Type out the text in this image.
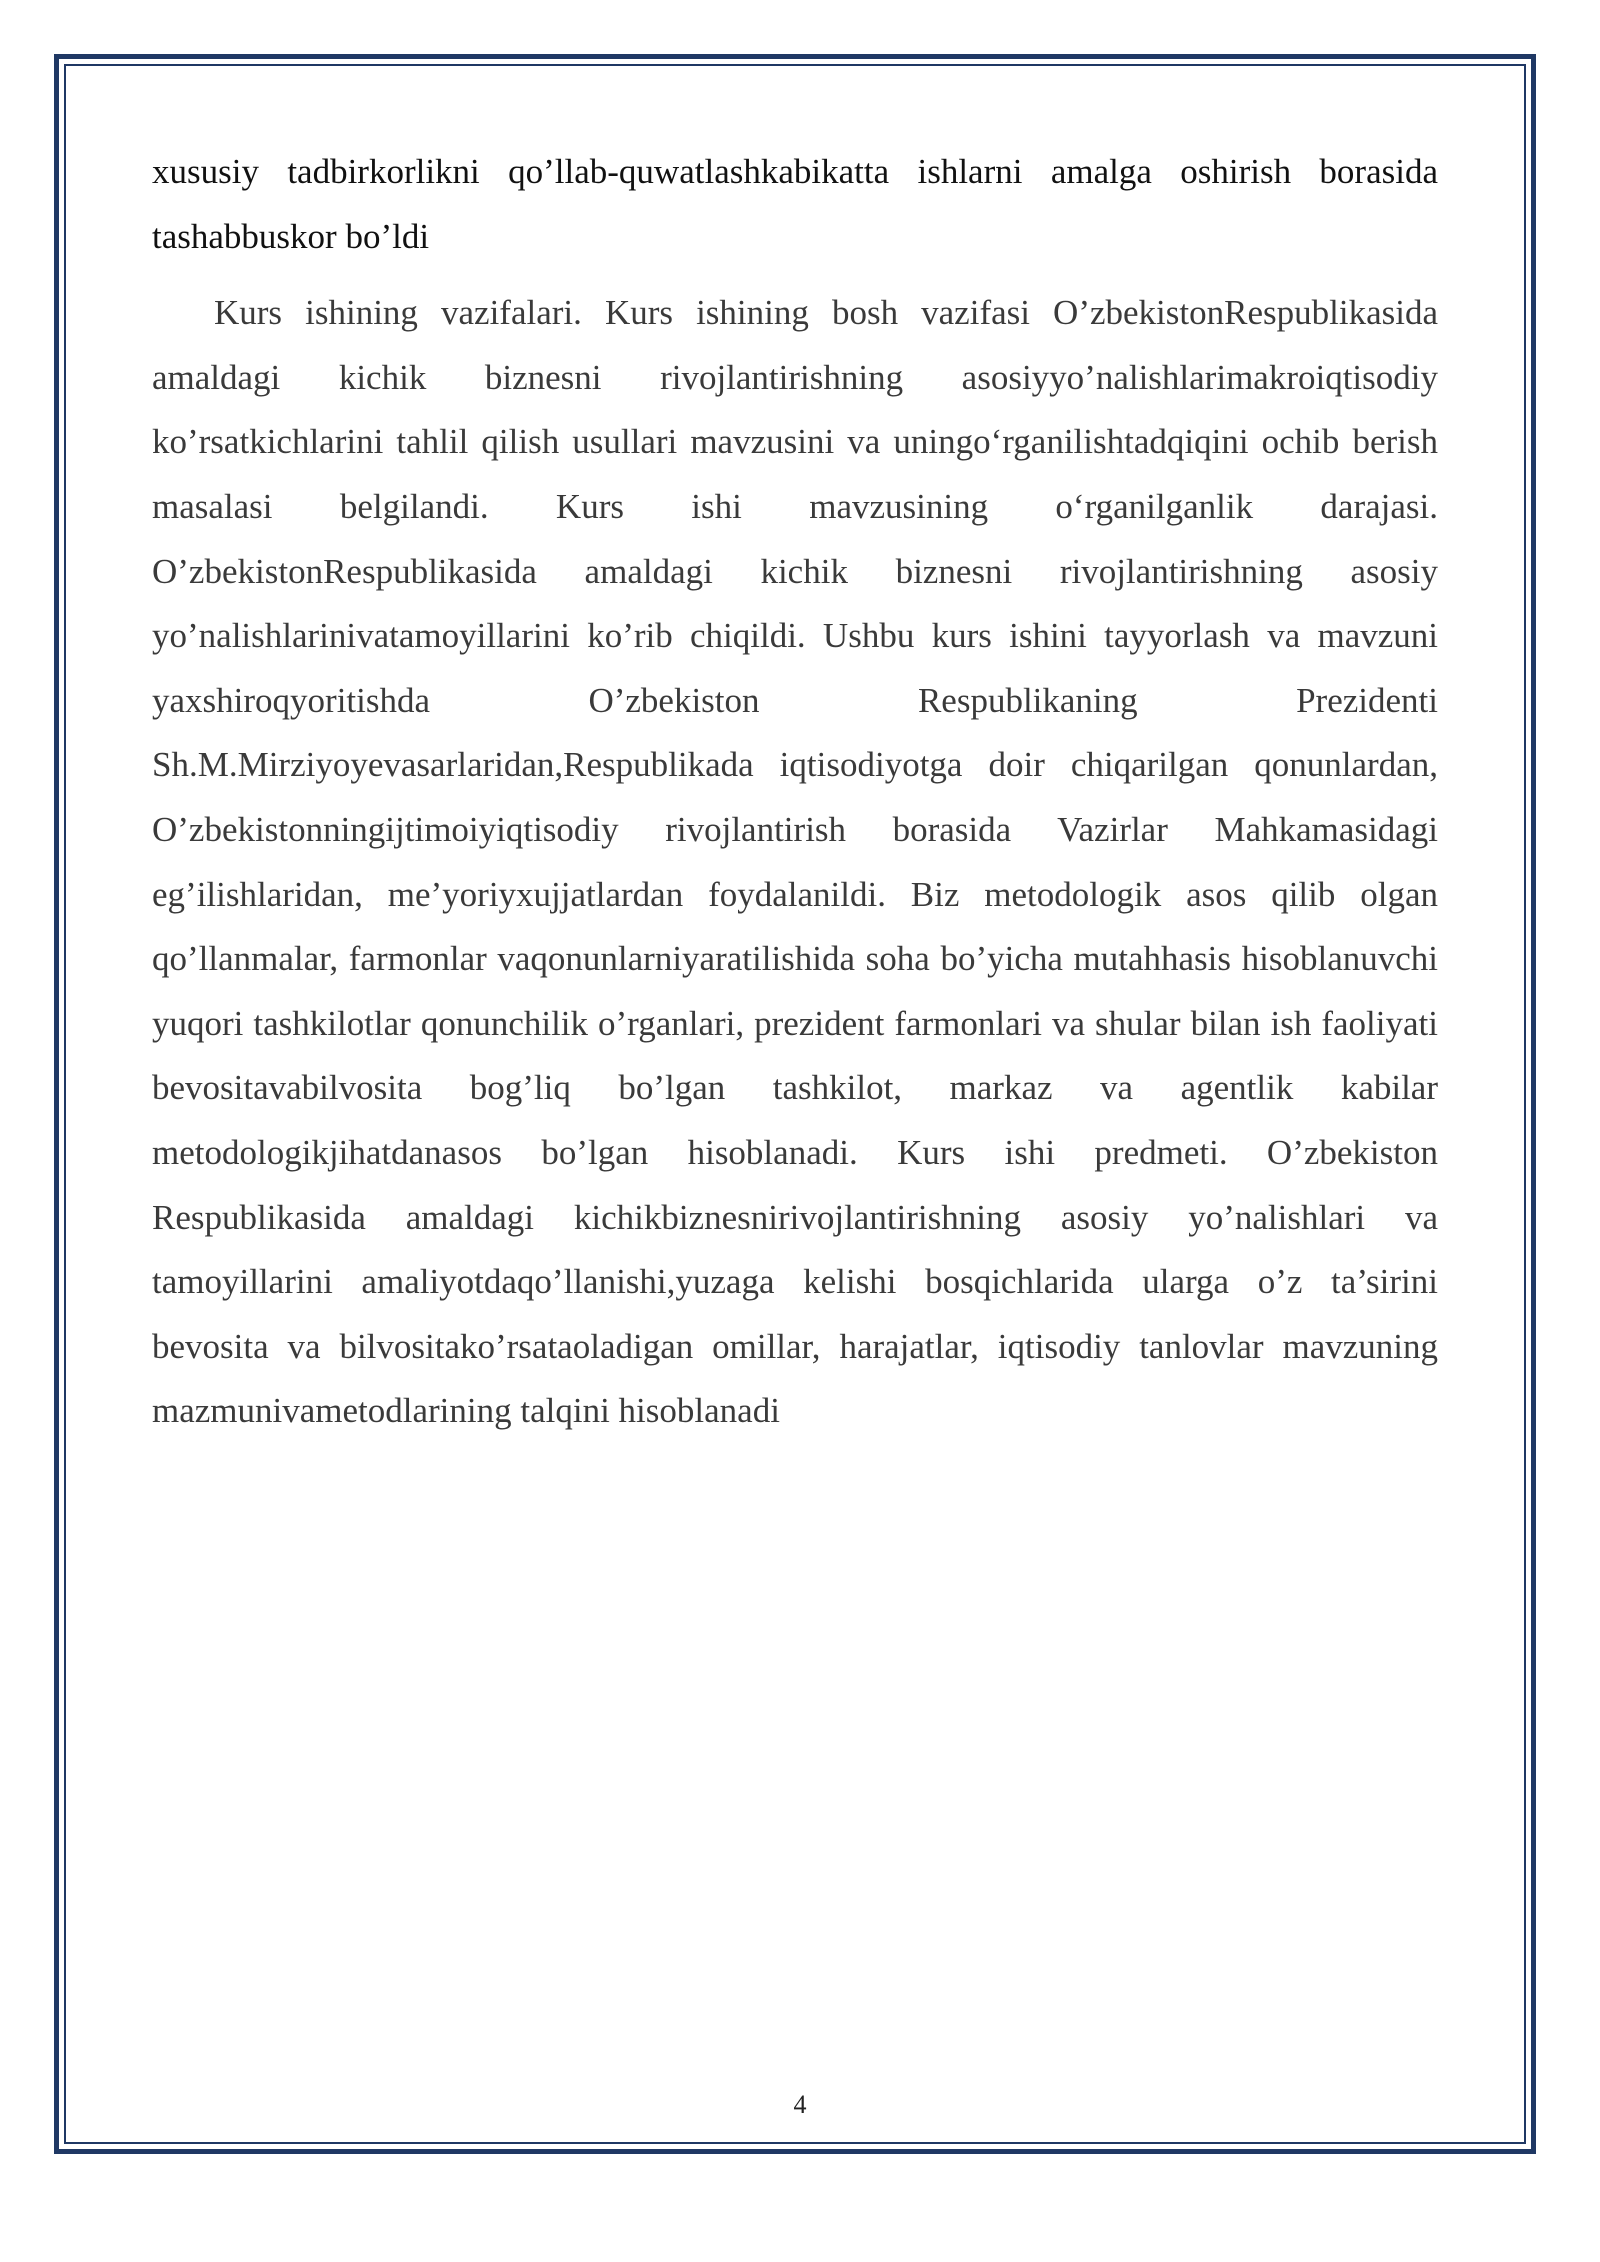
xususiy tadbirkorlikni qo’llab-quwatlashkabikatta ishlarni amalga oshirish borasida tashabbuskor bo’ldi

Kurs ishining vazifalari. Kurs ishining bosh vazifasi O’zbekistonRespublikasida amaldagi kichik biznesni rivojlantirishning asosiyyo’nalishlarimakroiqtisodiy ko’rsatkichlarini tahlil qilish usullari mavzusini va uningo‘rganilishtadqiqini ochib berish masalasi belgilandi. Kurs ishi mavzusining o‘rganilganlik darajasi. O’zbekistonRespublikasida amaldagi kichik biznesni rivojlantirishning asosiy yo’nalishlarinivatamoyillarini ko’rib chiqildi. Ushbu kurs ishini tayyorlash va mavzuni yaxshiroqyoritishda O’zbekiston Respublikaning Prezidenti Sh.M.Mirziyoyevasarlaridan,Respublikada iqtisodiyotga doir chiqarilgan qonunlardan, O’zbekistonningijtimoiyiqtisodiy rivojlantirish borasida Vazirlar Mahkamasidagi eg’ilishlaridan, me’yoriyxujjatlardan foydalanildi. Biz metodologik asos qilib olgan qo’llanmalar, farmonlar vaqonunlarniyaratilishida soha bo’yicha mutahhasis hisoblanuvchi yuqori tashkilotlar qonunchilik o’rganlari, prezident farmonlari va shular bilan ish faoliyati bevositavabilvosita bog’liq bo’lgan tashkilot, markaz va agentlik kabilar metodologikjihatdanasos bo’lgan hisoblanadi. Kurs ishi predmeti. O’zbekiston Respublikasida amaldagi kichikbiznesnirivojlantirishning asosiy yo’nalishlari va tamoyillarini amaliyotdaqo’llanishi,yuzaga kelishi bosqichlarida ularga o’z ta’sirini bevosita va bilvositako’rsataoladigan omillar, harajatlar, iqtisodiy tanlovlar mavzuning mazmunivametodlarining talqini hisoblanadi

4
